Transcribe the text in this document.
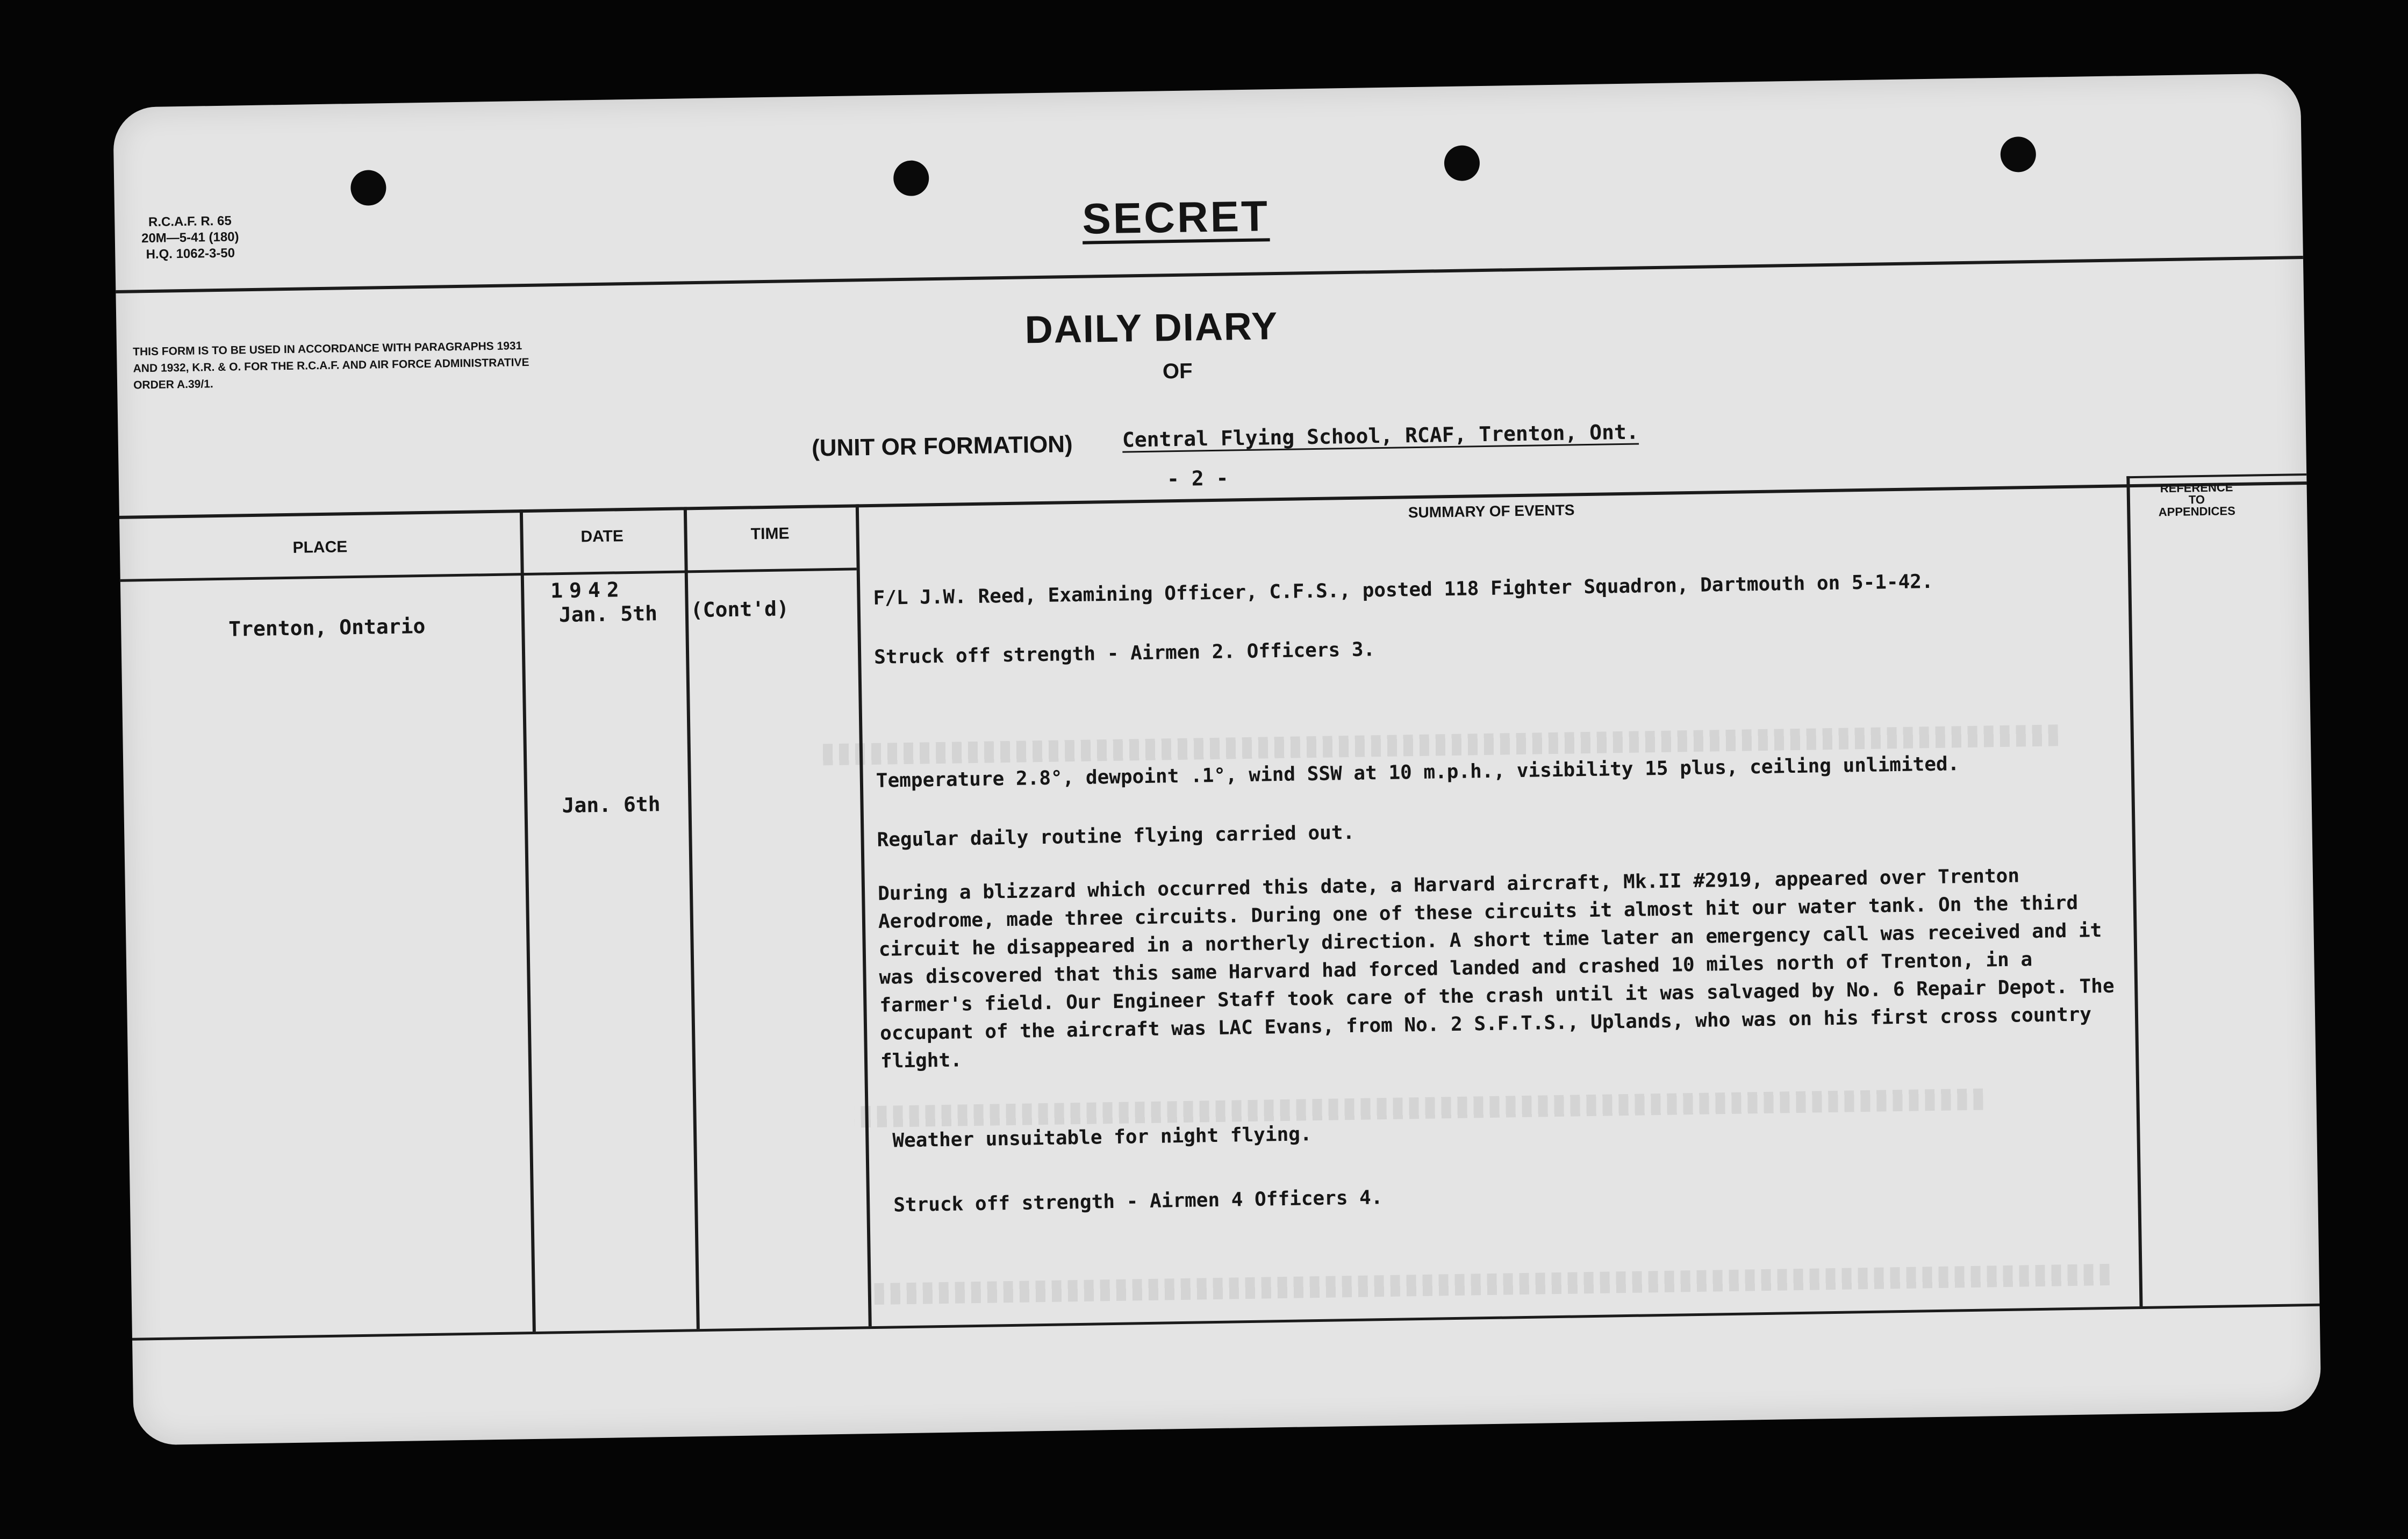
R.C.A.F. R. 65
20M—5-41 (180)
H.Q. 1062-3-50

SECRET

THIS FORM IS TO BE USED IN ACCORDANCE WITH PARAGRAPHS 1931 AND 1932, K.R. & O. FOR THE R.C.A.F. AND AIR FORCE ADMINISTRATIVE ORDER A.39/1.

DAILY DIARY

OF

(UNIT OR FORMATION) Central Flying School, RCAF, Trenton, Ont.

- 2 -

PLACE

DATE	TIME

SUMMARY OF EVENTS

REFERENCE
TO
APPENDICES

1942

Trenton, Ontario

Jan. 5th (Cont'd)

Jan. 6th

F/L J.W. Reed, Examining Officer, C.F.S., posted 118 Fighter Squadron, Dartmouth on 5-1-42.

Struck off strength - Airmen 2. Officers 3.

Temperature 2.8°, dewpoint .1°, wind SSW at 10 m.p.h., visibility 15 plus, ceiling unlimited.

Regular daily routine flying carried out.

During a blizzard which occurred this date, a Harvard aircraft, Mk.II #2919, appeared over Trenton Aerodrome, made three circuits. During one of these circuits it almost hit our water tank. On the third circuit he disappeared in a northerly direction. A short time later an emergency call was received and it was discovered that this same Harvard had forced landed and crashed 10 miles north of Trenton, in a farmer's field. Our Engineer Staff took care of the crash until it was salvaged by No. 6 Repair Depot. The occupant of the aircraft was LAC Evans, from No. 2 S.F.T.S., Uplands, who was on his first cross country flight.

Weather unsuitable for night flying.

Struck off strength - Airmen 4 Officers 4.
